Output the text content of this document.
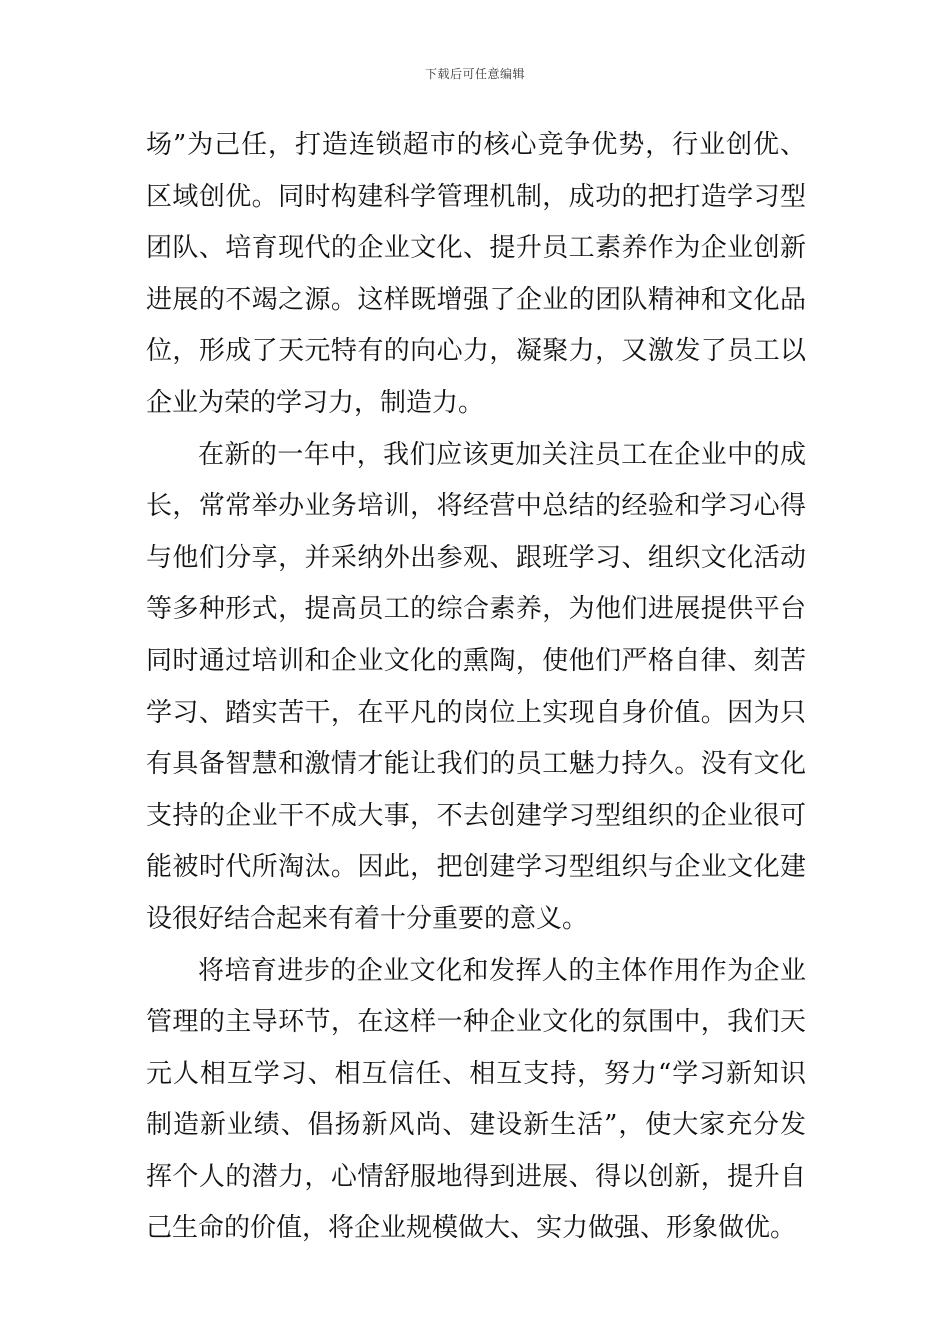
下载后可任意编辑
场”为己任，打造连锁超市的核心竞争优势，行业创优、
区域创优。同时构建科学管理机制，成功的把打造学习型
团队、培育现代的企业文化、提升员工素养作为企业创新
进展的不竭之源。这样既增强了企业的团队精神和文化品
位，形成了天元特有的向心力，凝聚力，又激发了员工以
企业为荣的学习力，制造力。
在新的一年中，我们应该更加关注员工在企业中的成
长，常常举办业务培训，将经营中总结的经验和学习心得
与他们分享，并采纳外出参观、跟班学习、组织文化活动
等多种形式，提高员工的综合素养，为他们进展提供平台
同时通过培训和企业文化的熏陶，使他们严格自律、刻苦
学习、踏实苦干，在平凡的岗位上实现自身价值。因为只
有具备智慧和激情才能让我们的员工魅力持久。没有文化
支持的企业干不成大事，不去创建学习型组织的企业很可
能被时代所淘汰。因此，把创建学习型组织与企业文化建
设很好结合起来有着十分重要的意义。
将培育进步的企业文化和发挥人的主体作用作为企业
管理的主导环节，在这样一种企业文化的氛围中，我们天
元人相互学习、相互信任、相互支持，努力“学习新知识
制造新业绩、倡扬新风尚、建设新生活”，使大家充分发
挥个人的潜力，心情舒服地得到进展、得以创新，提升自
己生命的价值，将企业规模做大、实力做强、形象做优。
